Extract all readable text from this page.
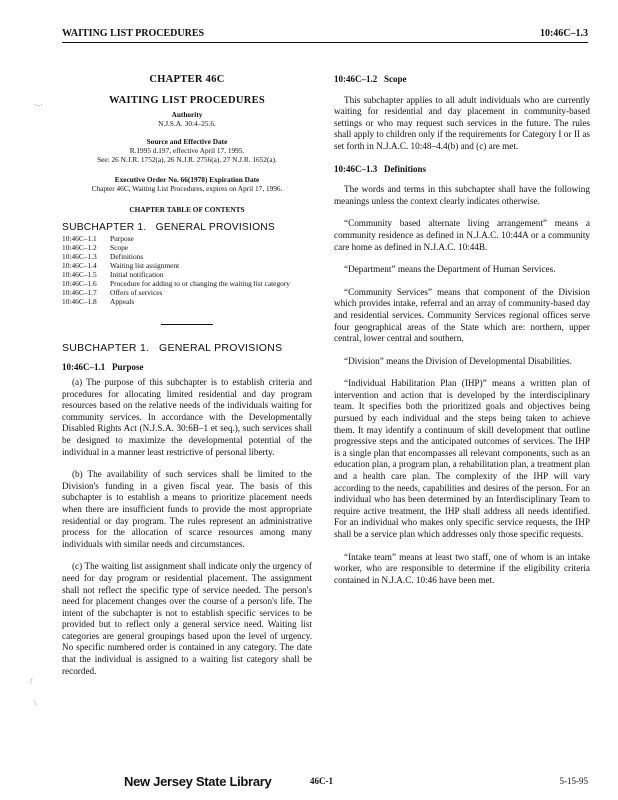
WAITING LIST PROCEDURES	10:46C–1.3
·-·
/
\
CHAPTER 46C
WAITING LIST PROCEDURES
Authority
N.J.S.A. 30:4–25.6.
Source and Effective Date
R.1995 d.197, effective April 17, 1995.
See: 26 N.J.R. 1752(a), 26 N.J.R. 2756(a), 27 N.J.R. 1652(a).
Executive Order No. 66(1978) Expiration Date
Chapter 46C, Waiting List Procedures, expires on April 17, 1996.
CHAPTER TABLE OF CONTENTS
SUBCHAPTER 1.   GENERAL PROVISIONS
10:46C–1.1	Purpose
10:46C–1.2	Scope
10:46C–1.3	Definitions
10:46C–1.4	Waiting list assignment
10:46C–1.5	Initial notification
10:46C–1.6	Procedure for adding to or changing the waiting list category
10:46C–1.7	Offers of services
10:46C–1.8	Appeals
SUBCHAPTER 1.   GENERAL PROVISIONS
10:46C–1.1   Purpose

(a) The purpose of this subchapter is to establish criteria and procedures for allocating limited residential and day program resources based on the relative needs of the individuals waiting for community services. In accordance with the Developmentally Disabled Rights Act (N.J.S.A. 30:6B–1 et seq.), such services shall be designed to maximize the developmental potential of the individual in a manner least restrictive of personal liberty.

(b) The availability of such services shall be limited to the Division's funding in a given fiscal year. The basis of this subchapter is to establish a means to prioritize placement needs when there are insufficient funds to provide the most appropriate residential or day program. The rules represent an administrative process for the allocation of scarce resources among many individuals with similar needs and circumstances.

(c) The waiting list assignment shall indicate only the urgency of need for day program or residential placement. The assignment shall not reflect the specific type of service needed. The person's need for placement changes over the course of a person's life. The intent of the subchapter is not to establish specific services to be provided but to reflect only a general service need. Waiting list categories are general groupings based upon the level of urgency. No specific numbered order is contained in any category. The date that the individual is assigned to a waiting list category shall be recorded.

10:46C–1.2   Scope

This subchapter applies to all adult individuals who are currently waiting for residential and day placement in community-based settings or who may request such services in the future. The rules shall apply to children only if the requirements for Category I or II as set forth in N.J.A.C. 10:48–4.4(b) and (c) are met.

10:46C–1.3   Definitions

The words and terms in this subchapter shall have the following meanings unless the context clearly indicates otherwise.

“Community based alternate living arrangement” means a community residence as defined in N.J.A.C. 10:44A or a community care home as defined in N.J.A.C. 10:44B.

“Department” means the Department of Human Services.

“Community Services” means that component of the Division which provides intake, referral and an array of community-based day and residential services. Community Services regional offices serve four geographical areas of the State which are: northern, upper central, lower central and southern.

“Division” means the Division of Developmental Disabilities.

“Individual Habilitation Plan (IHP)” means a written plan of intervention and action that is developed by the interdisciplinary team. It specifies both the prioritized goals and objectives being pursued by each individual and the steps being taken to achieve them. It may identify a continuum of skill development that outline progressive steps and the anticipated outcomes of services. The IHP is a single plan that encompasses all relevant components, such as an education plan, a program plan, a rehabilitation plan, a treatment plan and a health care plan. The complexity of the IHP will vary according to the needs, capabilities and desires of the person. For an individual who has been determined by an Interdisciplinary Team to require active treatment, the IHP shall address all needs identified. For an individual who makes only specific service requests, the IHP shall be a service plan which addresses only those specific requests.

“Intake team” means at least two staff, one of whom is an intake worker, who are responsible to determine if the eligibility criteria contained in N.J.A.C. 10:46 have been met.

New Jersey State Library	46C-1	5-15-95
